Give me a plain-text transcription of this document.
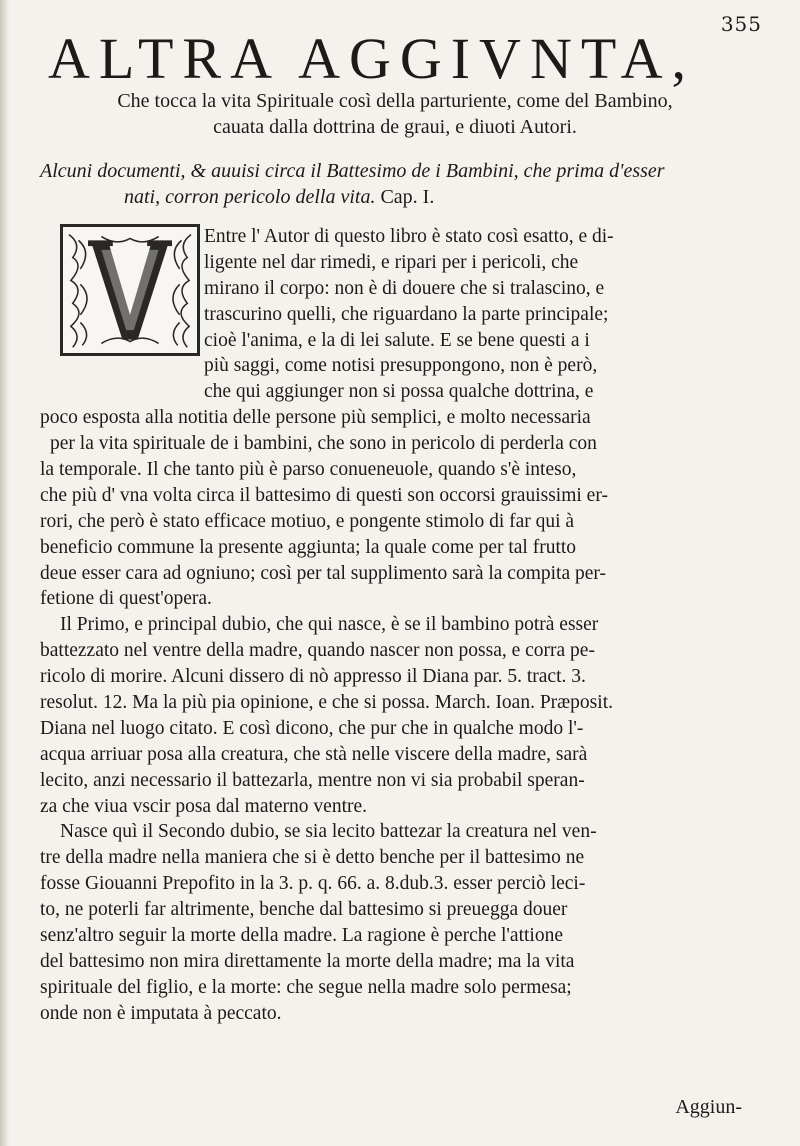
355
ALTRA AGGIVNTA,
Che tocca la vita Spirituale così della parturiente, come del Bambino,
cauata dalla dottrina de graui, e diuoti Autori.
Alcuni documenti, & auuisi circa il Battesimo de i Bambini, che prima d'esser
nati, corron pericolo della vita. Cap. I.
Entre l' Autor di questo libro è stato così esatto, e di-
ligente nel dar rimedi, e ripari per i pericoli, che
mirano il corpo: non è di douere che si tralascino, e
trascurino quelli, che riguardano la parte principale;
cioè l'anima, e la di lei salute. E se bene questi a i
più saggi, come notisi presuppongono, non è però,
che qui aggiunger non si possa qualche dottrina, e
poco esposta alla notitia delle persone più semplici, e molto necessaria
per la vita spirituale de i bambini, che sono in pericolo di perderla con
la temporale. Il che tanto più è parso conueneuole, quando s'è inteso,
che più d' vna volta circa il battesimo di questi son occorsi grauissimi er-
rori, che però è stato efficace motiuo, e pongente stimolo di far qui à
beneficio commune la presente aggiunta; la quale come per tal frutto
deue esser cara ad ogniuno; così per tal supplimento sarà la compita per-
fetione di quest'opera.
Il Primo, e principal dubio, che qui nasce, è se il bambino potrà esser
battezzato nel ventre della madre, quando nascer non possa, e corra pe-
ricolo di morire. Alcuni dissero di nò appresso il Diana par. 5. tract. 3.
resolut. 12. Ma la più pia opinione, e che si possa. March. Ioan. Præposit.
Diana nel luogo citato. E così dicono, che pur che in qualche modo l'-
acqua arriuar posa alla creatura, che stà nelle viscere della madre, sarà
lecito, anzi necessario il battezarla, mentre non vi sia probabil speran-
za che viua vscir posa dal materno ventre.
Nasce quì il Secondo dubio, se sia lecito battezar la creatura nel ven-
tre della madre nella maniera che si è detto benche per il battesimo ne
fosse Giouanni Prepofito in la 3. p. q. 66. a. 8.dub.3. esser perciò leci-
to, ne poterli far altrimente, benche dal battesimo si preuegga douer
senz'altro seguir la morte della madre. La ragione è perche l'attione
del battesimo non mira direttamente la morte della madre; ma la vita
spirituale del figlio, e la morte: che segue nella madre solo permesa;
onde non è imputata à peccato.
Aggiun-
